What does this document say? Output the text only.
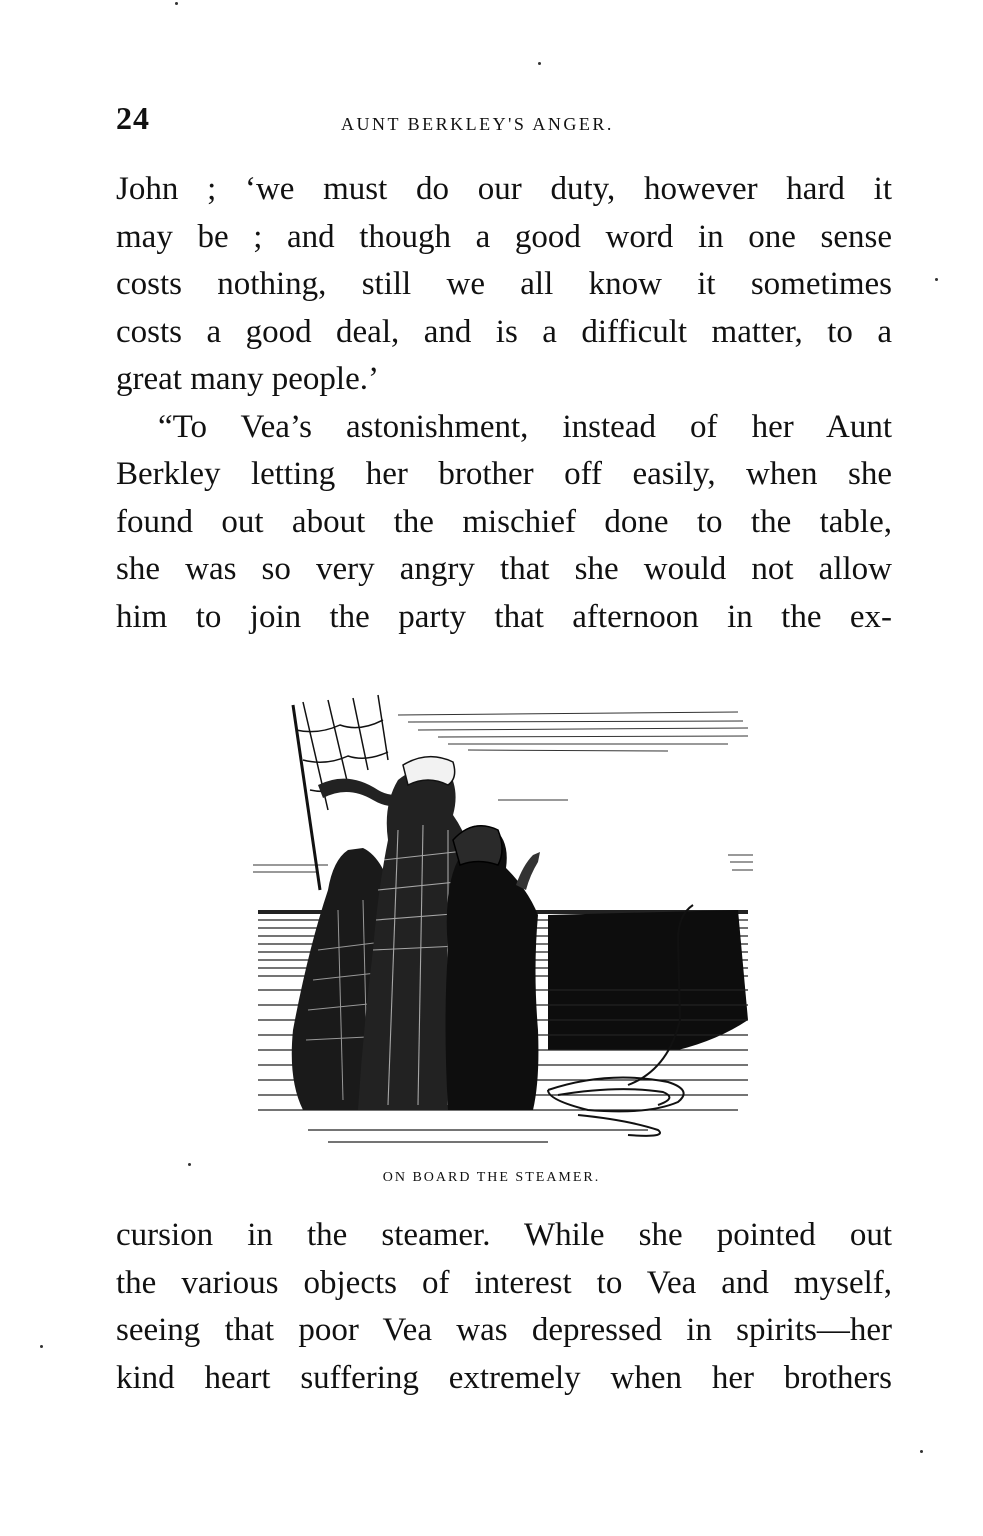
24	AUNT BERKLEY'S ANGER.
John ; ‘we must do our duty, however hard it
may be ; and though a good word in one sense
costs nothing, still we all know it sometimes
costs a good deal, and is a difficult matter, to a
great many people.’
“To Vea’s astonishment, instead of her Aunt
Berkley letting her brother off easily, when she
found out about the mischief done to the table,
she was so very angry that she would not allow
him to join the party that afternoon in the ex-
ON BOARD THE STEAMER.
cursion in the steamer. While she pointed out
the various objects of interest to Vea and myself,
seeing that poor Vea was depressed in spirits—her
kind heart suffering extremely when her brothers
